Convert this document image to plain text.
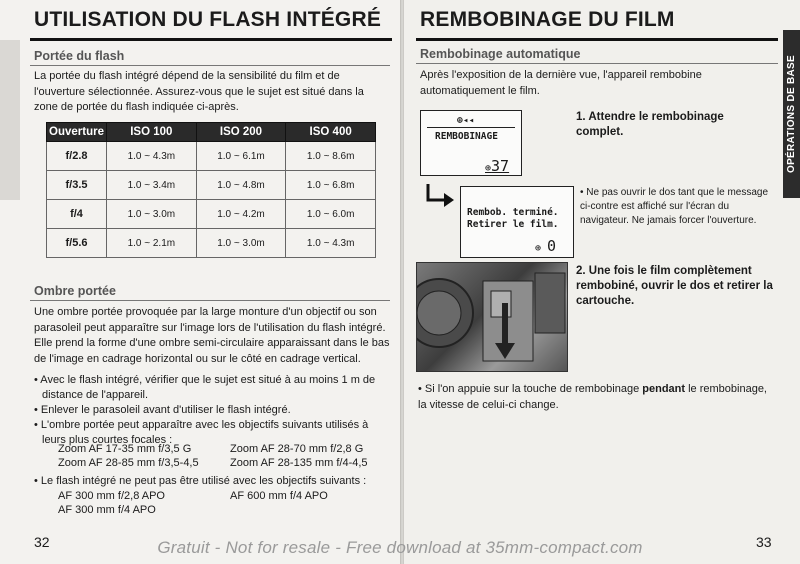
UTILISATION DU FLASH INTÉGRÉ
Portée du flash
La portée du flash intégré dépend de la sensibilité du film et de l'ouverture sélectionnée. Assurez-vous que le sujet est situé dans la zone de portée du flash indiquée ci-après.
Ouverture	ISO 100	ISO 200	ISO 400
f/2.8	1.0 ~ 4.3m	1.0 ~ 6.1m	1.0 ~ 8.6m
f/3.5	1.0 ~ 3.4m	1.0 ~ 4.8m	1.0 ~ 6.8m
f/4	1.0 ~ 3.0m	1.0 ~ 4.2m	1.0 ~ 6.0m
f/5.6	1.0 ~ 2.1m	1.0 ~ 3.0m	1.0 ~ 4.3m
Ombre portée
Une ombre portée provoquée par la large monture d'un objectif ou son parasoleil peut apparaître sur l'image lors de l'utilisation du flash intégré. Elle prend la forme d'une ombre semi-circulaire apparaissant dans le bas de l'image en cadrage horizontal ou sur le côté en cadrage vertical.
• Avec le flash intégré, vérifier que le sujet est situé à au moins 1 m de distance de l'appareil.
• Enlever le parasoleil avant d'utiliser le flash intégré.
• L'ombre portée peut apparaître avec les objectifs suivants utilisés à leurs plus courtes focales :
Zoom AF 17-35 mm f/3,5 G	Zoom AF 28-70 mm f/2,8 G
Zoom AF 28-85 mm f/3,5-4,5	Zoom AF 28-135 mm f/4-4,5
• Le flash intégré ne peut pas être utilisé avec les objectifs suivants :
AF 300 mm f/2,8 APO	AF 600 mm f/4 APO
AF 300 mm f/4 APO
32
REMBOBINAGE DU FILM
OPÉRATIONS DE BASE
Rembobinage automatique
Après l'exposition de la dernière vue, l'appareil rembobine automatiquement le film.
⊕◂◂
REMBOBINAGE
⊕37
Rembob. terminé.
Retirer le film.
⊕ 0
1. Attendre le rembobinage complet.
• Ne pas ouvrir le dos tant que le message ci-contre est affiché sur l'écran du navigateur. Ne jamais forcer l'ouverture.
2. Une fois le film complètement rembobiné, ouvrir le dos et retirer la cartouche.
• Si l'on appuie sur la touche de rembobinage pendant le rembobinage, la vitesse de celui-ci change.
33
Gratuit - Not for resale - Free download at 35mm-compact.com
